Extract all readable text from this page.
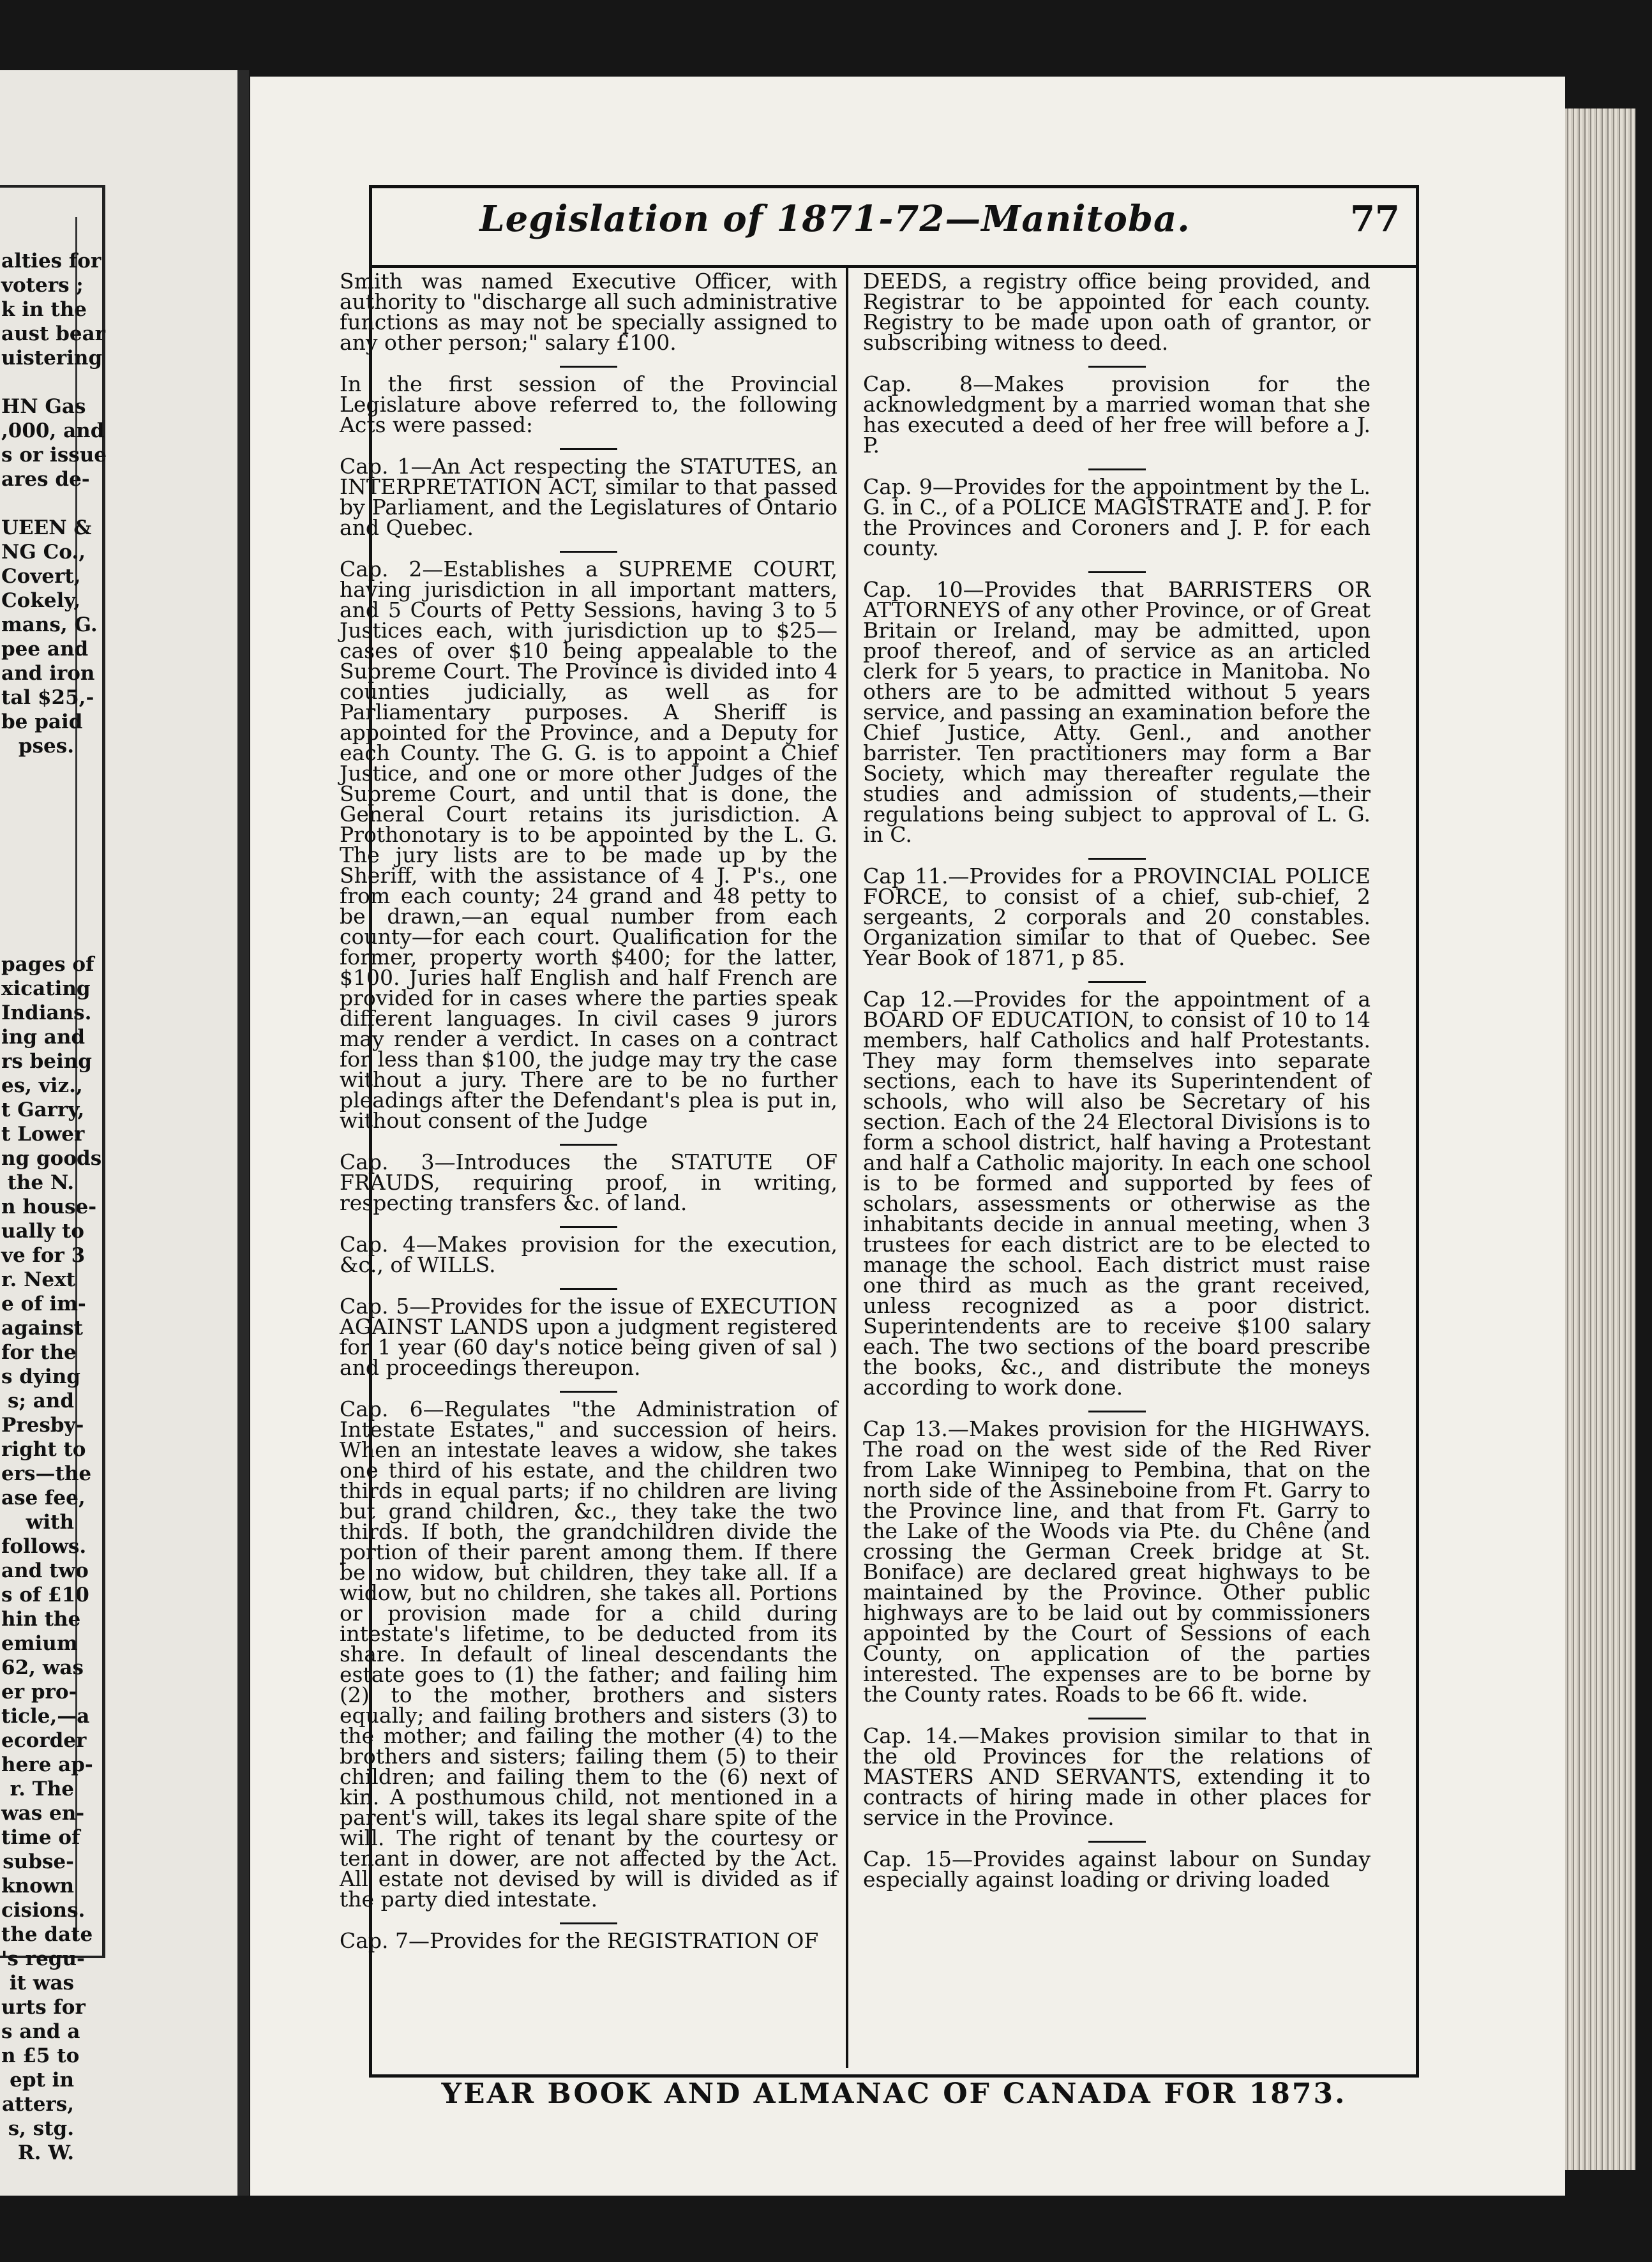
alties for
voters ;
k in the
aust bear
uistering
HN Gas
,000, and
s or issue
ares de-
UEEN &
NG Co.,
Covert,
Cokely,
mans, G.
pee and
and iron
tal $25,-
be paid
pses.
pages of
xicating
Indians.
ing and
rs being
es, viz.,
t Garry,
t Lower
ng goods
the N.
n house-
ually to
ve for 3
r. Next
e of im-
against
for the
s dying
s; and
Presby-
right to
ers—the
ase fee,
with
follows.
and two
s of £10
hin the
emium
62, was
er pro-
ticle,—a
ecorder
here ap-
r. The
was en-
time of
subse-
known
cisions.
the date
's regu-
it was
urts for
s and a
n £5 to
ept in
atters,
s, stg.
R. W.
Legislation of 1871-72—Manitoba.	77

Smith was named Executive Officer, with authority to "discharge all such administrative functions as may not be specially assigned to any other person;" salary £100.

In the first session of the Provincial Legislature above referred to, the following Acts were passed:

Cap. 1—An Act respecting the STATUTES, an INTERPRETATION ACT, similar to that passed by Parliament, and the Legislatures of Ontario and Quebec.

Cap. 2—Establishes a SUPREME COURT, having jurisdiction in all important matters, and 5 Courts of Petty Sessions, having 3 to 5 Justices each, with jurisdiction up to $25—cases of over $10 being appealable to the Supreme Court. The Province is divided into 4 counties judicially, as well as for Parliamentary purposes. A Sheriff is appointed for the Province, and a Deputy for each County. The G. G. is to appoint a Chief Justice, and one or more other Judges of the Supreme Court, and until that is done, the General Court retains its jurisdiction. A Prothonotary is to be appointed by the L. G. The jury lists are to be made up by the Sheriff, with the assistance of 4 J. P's., one from each county; 24 grand and 48 petty to be drawn,—an equal number from each county—for each court. Qualification for the former, property worth $400; for the latter, $100. Juries half English and half French are provided for in cases where the parties speak different languages. In civil cases 9 jurors may render a verdict. In cases on a contract for less than $100, the judge may try the case without a jury. There are to be no further pleadings after the Defendant's plea is put in, without consent of the Judge

Cap. 3—Introduces the STATUTE OF FRAUDS, requiring proof, in writing, respecting transfers &c. of land.

Cap. 4—Makes provision for the execution, &c., of WILLS.

Cap. 5—Provides for the issue of EXECUTION AGAINST LANDS upon a judgment registered for 1 year (60 day's notice being given of sal ) and proceedings thereupon.

Cap. 6—Regulates "the Administration of Intestate Estates," and succession of heirs. When an intestate leaves a widow, she takes one third of his estate, and the children two thirds in equal parts; if no children are living but grand children, &c., they take the two thirds. If both, the grandchildren divide the portion of their parent among them. If there be no widow, but children, they take all. If a widow, but no children, she takes all. Portions or provision made for a child during intestate's lifetime, to be deducted from its share. In default of lineal descendants the estate goes to (1) the father; and failing him (2) to the mother, brothers and sisters equally; and failing brothers and sisters (3) to the mother; and failing the mother (4) to the brothers and sisters; failing them (5) to their children; and failing them to the (6) next of kin. A posthumous child, not mentioned in a parent's will, takes its legal share spite of the will. The right of tenant by the courtesy or tenant in dower, are not affected by the Act. All estate not devised by will is divided as if the party died intestate.

Cap. 7—Provides for the REGISTRATION OF

DEEDS, a registry office being provided, and Registrar to be appointed for each county. Registry to be made upon oath of grantor, or subscribing witness to deed.

Cap. 8—Makes provision for the acknowledgment by a married woman that she has executed a deed of her free will before a J. P.

Cap. 9—Provides for the appointment by the L. G. in C., of a POLICE MAGISTRATE and J. P. for the Provinces and Coroners and J. P. for each county.

Cap. 10—Provides that BARRISTERS OR ATTORNEYS of any other Province, or of Great Britain or Ireland, may be admitted, upon proof thereof, and of service as an articled clerk for 5 years, to practice in Manitoba. No others are to be admitted without 5 years service, and passing an examination before the Chief Justice, Atty. Genl., and another barrister. Ten practitioners may form a Bar Society, which may thereafter regulate the studies and admission of students,—their regulations being subject to approval of L. G. in C.

Cap 11.—Provides for a PROVINCIAL POLICE FORCE, to consist of a chief, sub-chief, 2 sergeants, 2 corporals and 20 constables. Organization similar to that of Quebec. See Year Book of 1871, p 85.

Cap 12.—Provides for the appointment of a BOARD OF EDUCATION, to consist of 10 to 14 members, half Catholics and half Protestants. They may form themselves into separate sections, each to have its Superintendent of schools, who will also be Secretary of his section. Each of the 24 Electoral Divisions is to form a school district, half having a Protestant and half a Catholic majority. In each one school is to be formed and supported by fees of scholars, assessments or otherwise as the inhabitants decide in annual meeting, when 3 trustees for each district are to be elected to manage the school. Each district must raise one third as much as the grant received, unless recognized as a poor district. Superintendents are to receive $100 salary each. The two sections of the board prescribe the books, &c., and distribute the moneys according to work done.

Cap 13.—Makes provision for the HIGHWAYS. The road on the west side of the Red River from Lake Winnipeg to Pembina, that on the north side of the Assineboine from Ft. Garry to the Province line, and that from Ft. Garry to the Lake of the Woods via Pte. du Chêne (and crossing the German Creek bridge at St. Boniface) are declared great highways to be maintained by the Province. Other public highways are to be laid out by commissioners appointed by the Court of Sessions of each County, on application of the parties interested. The expenses are to be borne by the County rates. Roads to be 66 ft. wide.

Cap. 14.—Makes provision similar to that in the old Provinces for the relations of MASTERS AND SERVANTS, extending it to contracts of hiring made in other places for service in the Province.

Cap. 15—Provides against labour on Sunday especially against loading or driving loaded

YEAR BOOK AND ALMANAC OF CANADA FOR 1873.
